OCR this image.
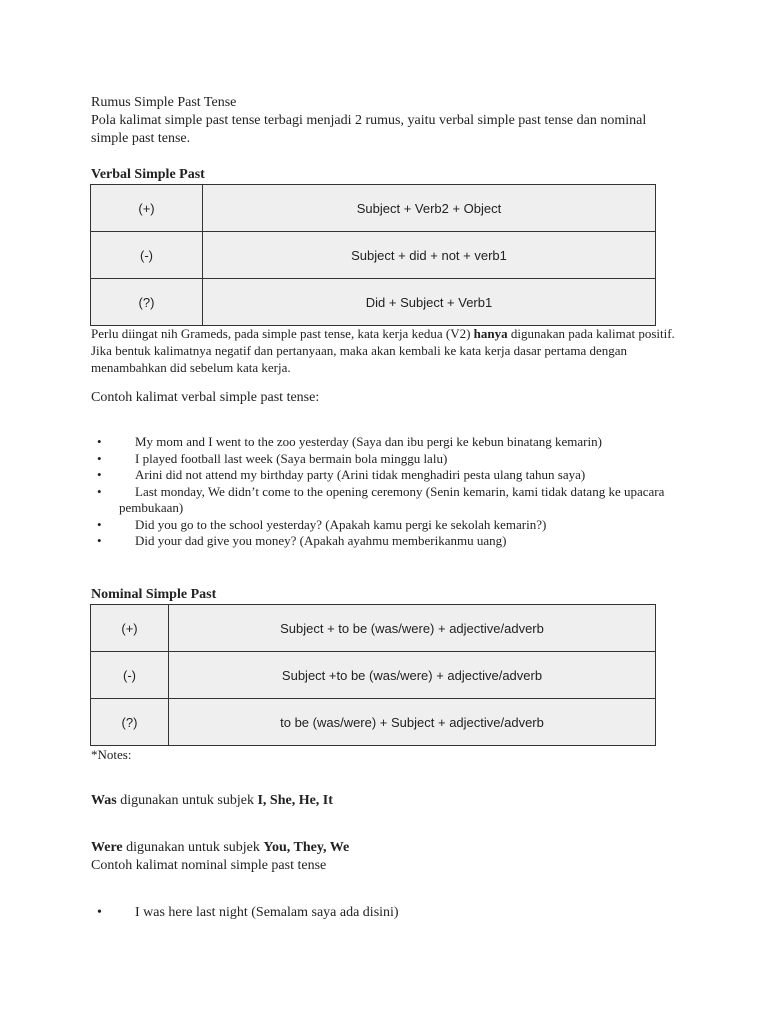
Rumus Simple Past Tense
Pola kalimat simple past tense terbagi menjadi 2 rumus, yaitu verbal simple past tense dan nominal simple past tense.
Verbal Simple Past
(+)	Subject + Verb2 + Object
(-)	Subject + did + not + verb1
(?)	Did + Subject + Verb1
Perlu diingat nih Grameds, pada simple past tense, kata kerja kedua (V2) hanya digunakan pada kalimat positif. Jika bentuk kalimatnya negatif dan pertanyaan, maka akan kembali ke kata kerja dasar pertama dengan menambahkan did sebelum kata kerja.
Contoh kalimat verbal simple past tense:
•	My mom and I went to the zoo yesterday (Saya dan ibu pergi ke kebun binatang kemarin)
•	I played football last week (Saya bermain bola minggu lalu)
•	Arini did not attend my birthday party (Arini tidak menghadiri pesta ulang tahun saya)
•	Last monday, We didn’t come to the opening ceremony (Senin kemarin, kami tidak datang ke upacara pembukaan)
•	Did you go to the school yesterday? (Apakah kamu pergi ke sekolah kemarin?)
•	Did your dad give you money? (Apakah ayahmu memberikanmu uang)
Nominal Simple Past
(+)	Subject + to be (was/were) + adjective/adverb
(-)	Subject +to be (was/were) + adjective/adverb
(?)	to be (was/were) + Subject + adjective/adverb
*Notes:
Was digunakan untuk subjek I, She, He, It
Were digunakan untuk subjek You, They, We
Contoh kalimat nominal simple past tense
• I was here last night (Semalam saya ada disini)
